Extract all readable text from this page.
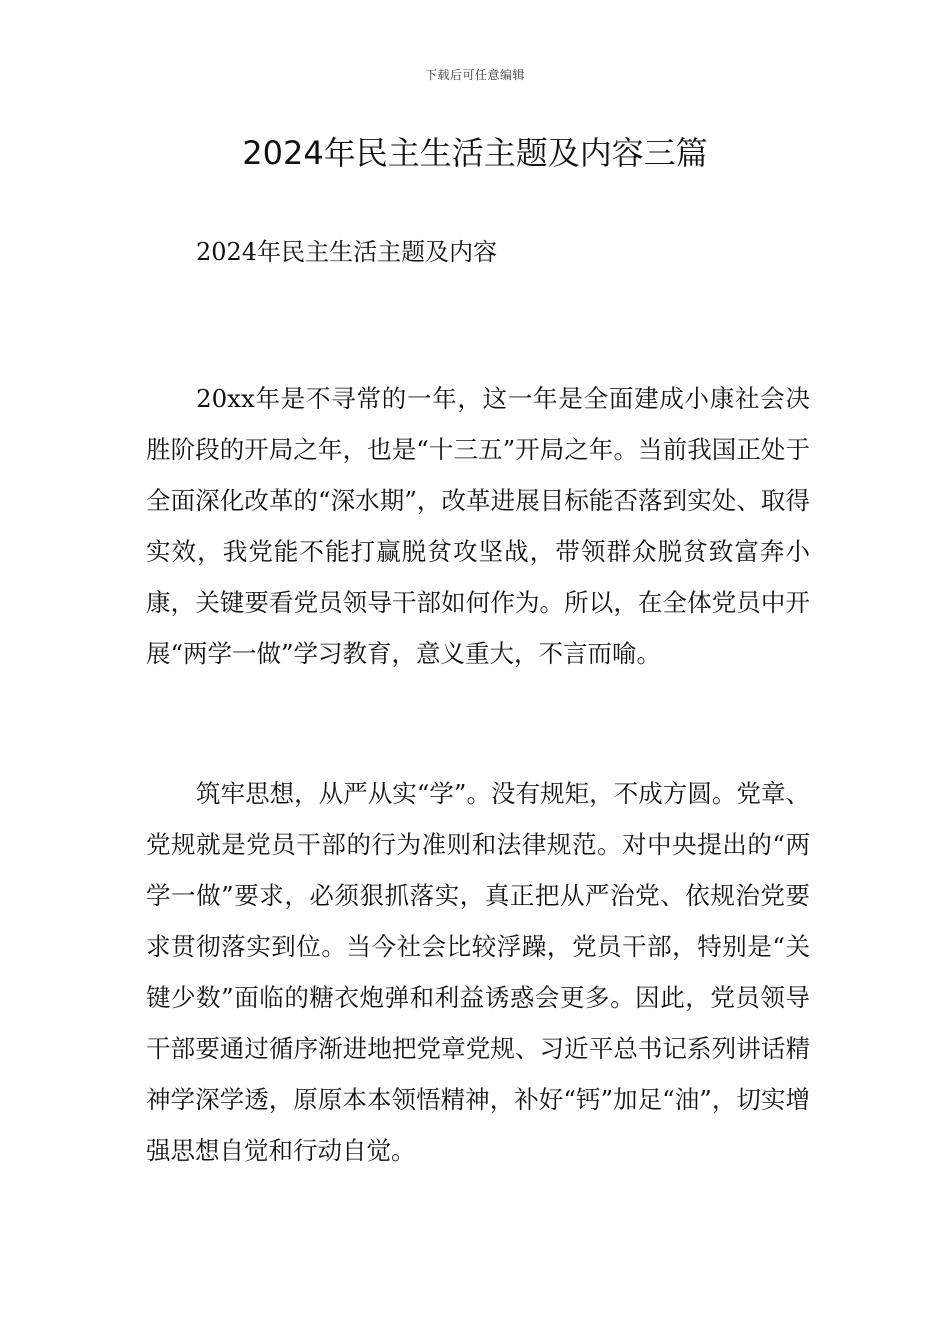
下载后可任意编辑
2024年民主生活主题及内容三篇
2024年民主生活主题及内容

20xx年是不寻常的一年，这一年是全面建成小康社会决胜阶段的开局之年，也是“十三五”开局之年。当前我国正处于全面深化改革的“深水期”，改革进展目标能否落到实处、取得实效，我党能不能打赢脱贫攻坚战，带领群众脱贫致富奔小康，关键要看党员领导干部如何作为。所以，在全体党员中开展“两学一做”学习教育，意义重大，不言而喻。

筑牢思想，从严从实“学”。没有规矩，不成方圆。党章、党规就是党员干部的行为准则和法律规范。对中央提出的“两学一做”要求，必须狠抓落实，真正把从严治党、依规治党要求贯彻落实到位。当今社会比较浮躁，党员干部，特别是“关键少数”面临的糖衣炮弹和利益诱惑会更多。因此，党员领导干部要通过循序渐进地把党章党规、习近平总书记系列讲话精神学深学透，原原本本领悟精神，补好“钙”加足“油”，切实增强思想自觉和行动自觉。
